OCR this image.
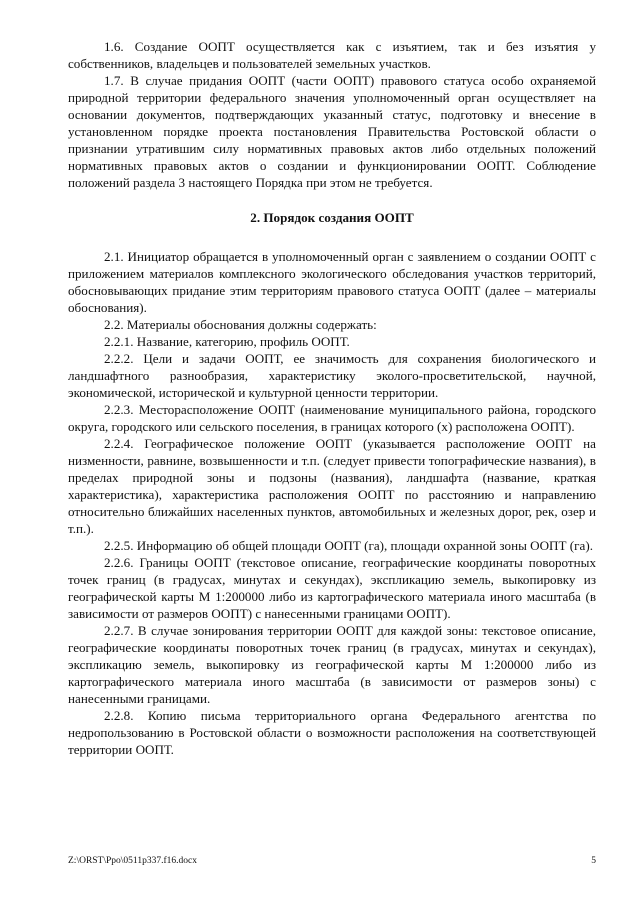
1.6. Создание ООПТ осуществляется как с изъятием, так и без изъятия у собственников, владельцев и пользователей земельных участков.

1.7. В случае придания ООПТ (части ООПТ) правового статуса особо охраняемой природной территории федерального значения уполномоченный орган осуществляет на основании документов, подтверждающих указанный статус, подготовку и внесение в установленном порядке проекта постановления Правительства Ростовской области о признании утратившим силу нормативных правовых актов либо отдельных положений нормативных правовых актов о создании и функционировании ООПТ. Соблюдение положений раздела 3 настоящего Порядка при этом не требуется.

2. Порядок создания ООПТ

2.1. Инициатор обращается в уполномоченный орган с заявлением о создании ООПТ с приложением материалов комплексного экологического обследования участков территорий, обосновывающих придание этим территориям правового статуса ООПТ (далее – материалы обоснования).

2.2. Материалы обоснования должны содержать:

2.2.1. Название, категорию, профиль ООПТ.

2.2.2. Цели и задачи ООПТ, ее значимость для сохранения биологического и ландшафтного разнообразия, характеристику эколого-просветительской, научной, экономической, исторической и культурной ценности территории.

2.2.3. Месторасположение ООПТ (наименование муниципального района, городского округа, городского или сельского поселения, в границах которого (х) расположена ООПТ).

2.2.4. Географическое положение ООПТ (указывается расположение ООПТ на низменности, равнине, возвышенности и т.п. (следует привести топографические названия), в пределах природной зоны и подзоны (названия), ландшафта (название, краткая характеристика), характеристика расположения ООПТ по расстоянию и направлению относительно ближайших населенных пунктов, автомобильных и железных дорог, рек, озер и т.п.).

2.2.5. Информацию об общей площади ООПТ (га), площади охранной зоны ООПТ (га).

2.2.6. Границы ООПТ (текстовое описание, географические координаты поворотных точек границ (в градусах, минутах и секундах), экспликацию земель, выкопировку из географической карты М 1:200000 либо из картографического материала иного масштаба (в зависимости от размеров ООПТ) с нанесенными границами ООПТ).

2.2.7. В случае зонирования территории ООПТ для каждой зоны: текстовое описание, географические координаты поворотных точек границ (в градусах, минутах и секундах), экспликацию земель, выкопировку из географической карты М 1:200000 либо из картографического материала иного масштаба (в зависимости от размеров зоны) с нанесенными границами.

2.2.8. Копию письма территориального органа Федерального агентства по недропользованию в Ростовской области о возможности расположения на соответствующей территории ООПТ.

Z:\ORST\Ppo\0511p337.f16.docx	5
